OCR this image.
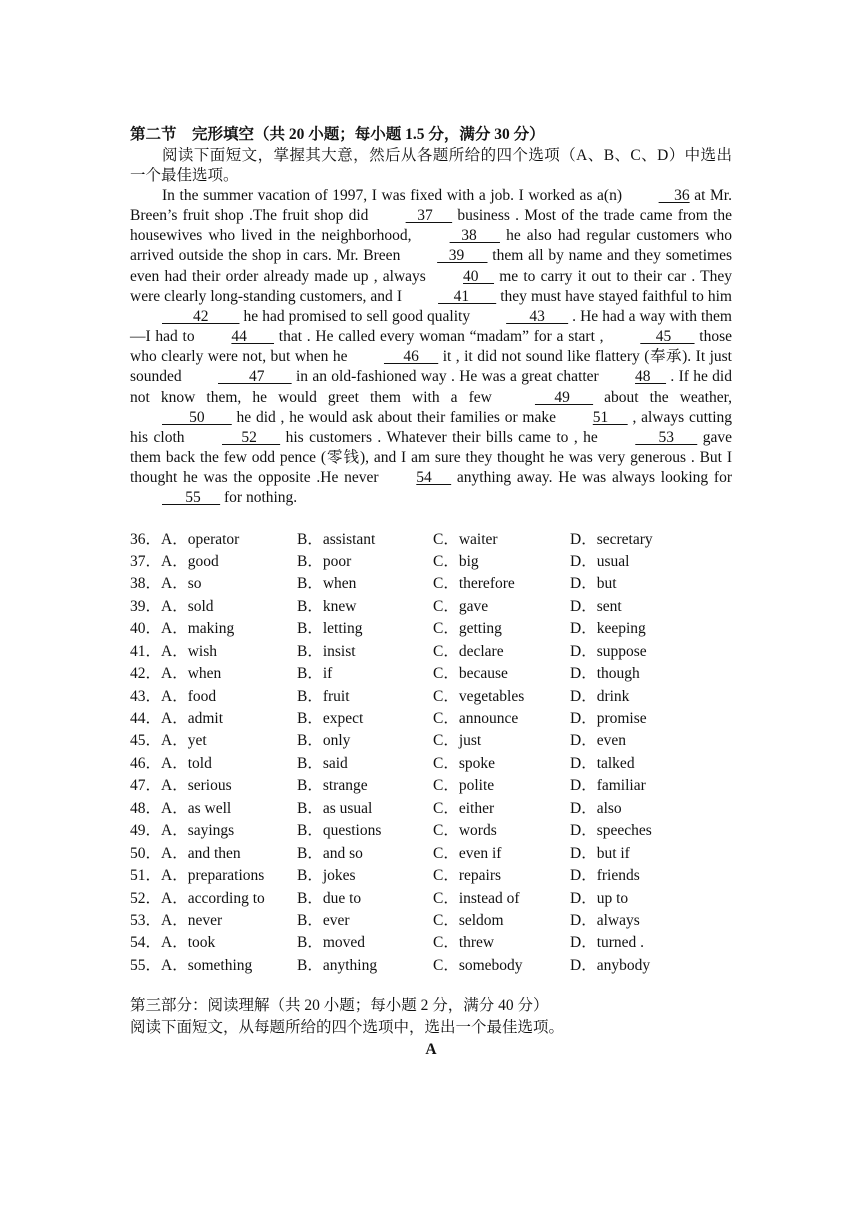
第二节　完形填空（共 20 小题；每小题 1.5 分，满分 30 分）

阅读下面短文，掌握其大意，然后从各题所给的四个选项（A、B、C、D）中选出一个最佳选项。

In the summer vacation of 1997, I was fixed with a job. I worked as a(n)     36 at Mr. Breen’s fruit shop .The fruit shop did    37      business . Most of the trade came from the housewives who lived in the neighborhood,    38       he also had regular customers who arrived outside the shop in cars. Mr. Breen    39       them all by name and they sometimes even had their order already made up , always 40     me to carry it out to their car . They were clearly long-standing customers, and I     41        they must have stayed faithful to him         42         he had promised to sell good quality       43       . He had a way with them —I had to 44        that . He called every woman “madam” for a start ,     45       those who clearly were not, but when he      46      it , it did not sound like flattery (奉承). It just sounded         47        in an old-fashioned way . He was a great chatter 48     . If he did not know them, he would greet them with a few      49       about the weather,        50        he did , he would ask about their families or make 51      , always cutting his cloth      52       his customers . Whatever their bills came to , he       53       gave them back the few odd pence (零钱), and I am sure they thought he was very generous . But I thought he was the opposite .He never 54      anything away. He was always looking for       55      for nothing.

36．A．operator	B．assistant	C．waiter	D．secretary
37．A．good	B．poor	C．big	D．usual
38．A．so	B．when	C．therefore	D．but
39．A．sold	B．knew	C．gave	D．sent
40．A．making	B．letting	C．getting	D．keeping
41．A．wish	B．insist	C．declare	D．suppose
42．A．when	B．if	C．because	D．though
43．A．food	B．fruit	C．vegetables	D．drink
44．A．admit	B．expect	C．announce	D．promise
45．A．yet	B．only	C．just	D．even
46．A．told	B．said	C．spoke	D．talked
47．A．serious	B．strange	C．polite	D．familiar
48．A．as well	B．as usual	C．either	D．also
49．A．sayings	B．questions	C．words	D．speeches
50．A．and then	B．and so	C．even if	D．but if
51．A．preparations	B．jokes	C．repairs	D．friends
52．A．according to	B．due to	C．instead of	D．up to
53．A．never	B．ever	C．seldom	D．always
54．A．took	B．moved	C．threw	D．turned .
55．A．something	B．anything	C．somebody	D．anybody

第三部分：阅读理解（共 20 小题；每小题 2 分，满分 40 分）

阅读下面短文，从每题所给的四个选项中，选出一个最佳选项。

A
